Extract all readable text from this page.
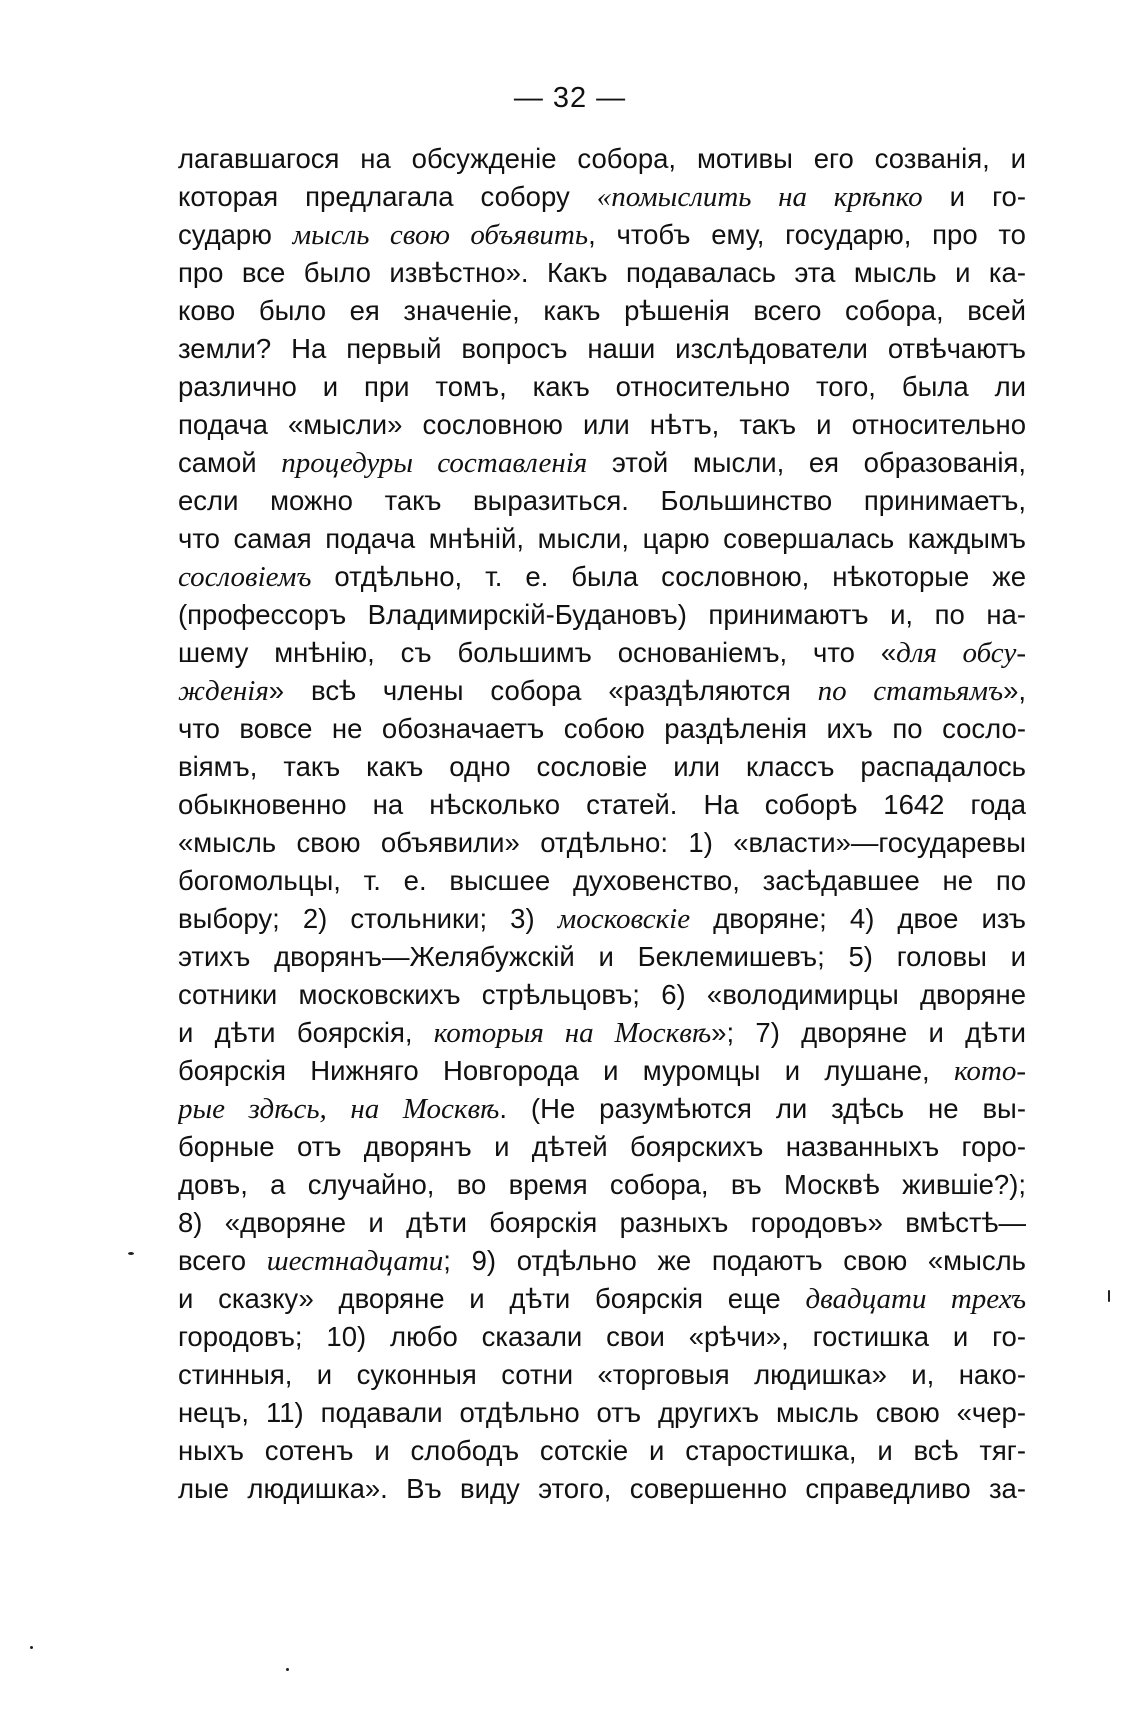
— 32 —
лагавшагося на обсужденіе собора, мотивы его созванія, и
которая предлагала собору «помыслить на крѣпко и го-
сударю мысль свою объявить, чтобъ ему, государю, про то
про все было извѣстно». Какъ подавалась эта мысль и ка-
ково было ея значеніе, какъ рѣшенія всего собора, всей
земли? На первый вопросъ наши изслѣдователи отвѣчаютъ
различно и при томъ, какъ относительно того, была ли
подача «мысли» сословною или нѣтъ, такъ и относительно
самой процедуры составленія этой мысли, ея образованія,
если можно такъ выразиться. Большинство принимаетъ,
что самая подача мнѣній, мысли, царю совершалась каждымъ
сословіемъ отдѣльно, т. е. была сословною, нѣкоторые же
(профессоръ Владимирскій-Будановъ) принимаютъ и, по на-
шему мнѣнію, съ большимъ основаніемъ, что «для обсу-
жденія» всѣ члены собора «раздѣляются по статьямъ»,
что вовсе не обозначаетъ собою раздѣленія ихъ по сосло-
віямъ, такъ какъ одно сословіе или классъ распадалось
обыкновенно на нѣсколько статей. На соборѣ 1642 года
«мысль свою объявили» отдѣльно: 1) «власти»—государевы
богомольцы, т. е. высшее духовенство, засѣдавшее не по
выбору; 2) стольники; 3) московскіе дворяне; 4) двое изъ
этихъ дворянъ—Желябужскій и Беклемишевъ; 5) головы и
сотники московскихъ стрѣльцовъ; 6) «володимирцы дворяне
и дѣти боярскія, которыя на Москвѣ»; 7) дворяне и дѣти
боярскія Нижняго Новгорода и муромцы и лушане, кото-
рые здѣсь, на Москвѣ. (Не разумѣются ли здѣсь не вы-
борные отъ дворянъ и дѣтей боярскихъ названныхъ горо-
довъ, а случайно, во время собора, въ Москвѣ жившіе?);
8) «дворяне и дѣти боярскія разныхъ городовъ» вмѣстѣ—
всего шестнадцати; 9) отдѣльно же подаютъ свою «мысль
и сказку» дворяне и дѣти боярскія еще двадцати трехъ
городовъ; 10) любо сказали свои «рѣчи», гостишка и го-
стинныя, и суконныя сотни «торговыя людишка» и, нако-
нецъ, 11) подавали отдѣльно отъ другихъ мысль свою «чер-
ныхъ сотенъ и слободъ сотскіе и старостишка, и всѣ тяг-
лые людишка». Въ виду этого, совершенно справедливо за-
